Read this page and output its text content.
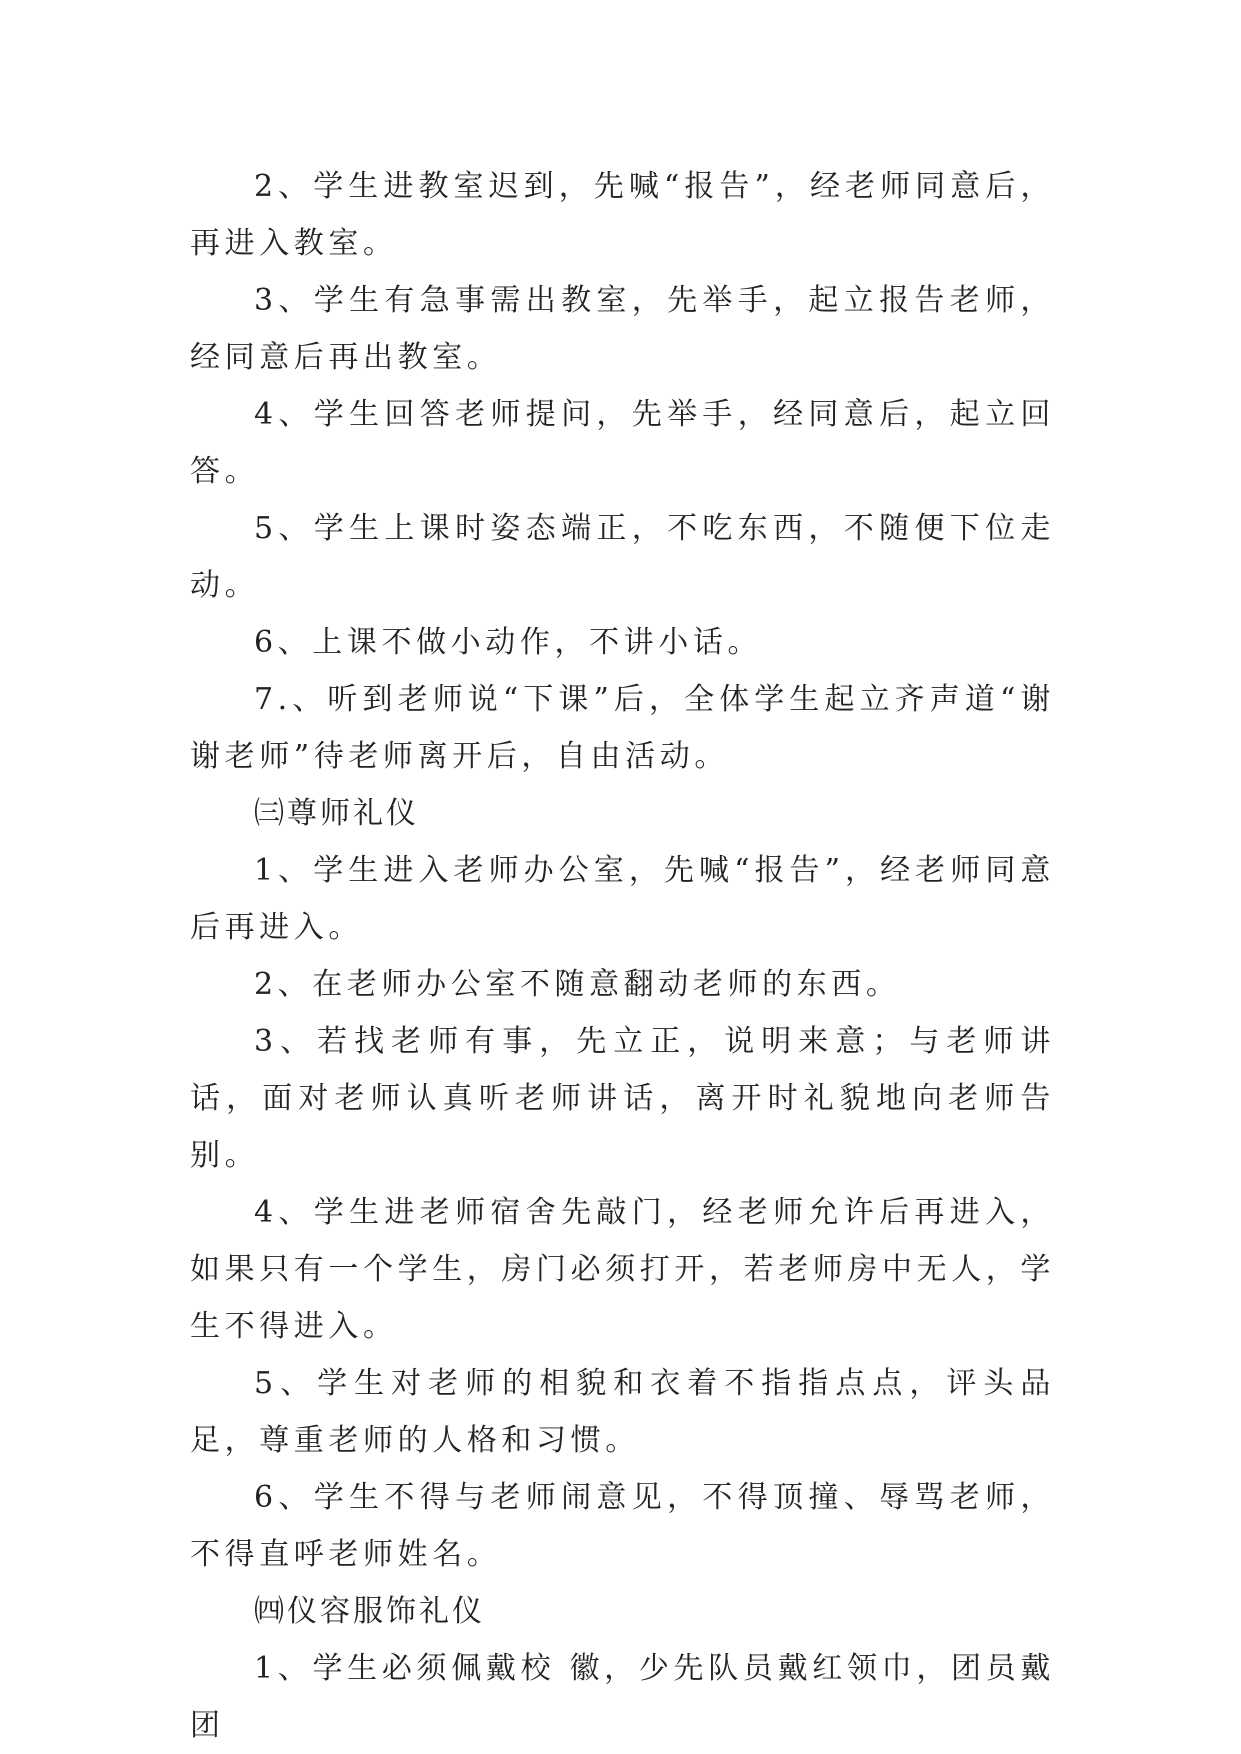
2、学生进教室迟到，先喊“报告”，经老师同意后，再进入教室。

3、学生有急事需出教室，先举手，起立报告老师，经同意后再出教室。

4、学生回答老师提问，先举手，经同意后，起立回答。

5、学生上课时姿态端正，不吃东西，不随便下位走动。

6、上课不做小动作，不讲小话。

7.、听到老师说“下课”后，全体学生起立齐声道“谢谢老师”待老师离开后，自由活动。

㈢尊师礼仪

1、学生进入老师办公室，先喊“报告”，经老师同意后再进入。

2、在老师办公室不随意翻动老师的东西。

3、若找老师有事，先立正，说明来意；与老师讲话，面对老师认真听老师讲话，离开时礼貌地向老师告别。

4、学生进老师宿舍先敲门，经老师允许后再进入，如果只有一个学生，房门必须打开，若老师房中无人，学生不得进入。

5、学生对老师的相貌和衣着不指指点点，评头品足，尊重老师的人格和习惯。

6、学生不得与老师闹意见，不得顶撞、辱骂老师，不得直呼老师姓名。

㈣仪容服饰礼仪

1、学生必须佩戴校 徽，少先队员戴红领巾，团员戴团
